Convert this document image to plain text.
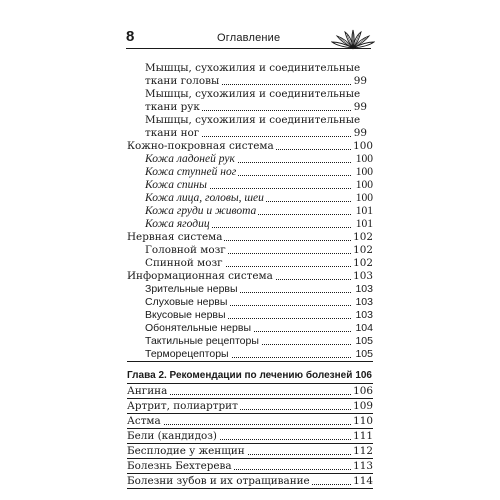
8	Оглавление
Мышцы, сухожилия и соединительные
ткани головы	99
Мышцы, сухожилия и соединительные
ткани рук	99
Мышцы, сухожилия и соединительные
ткани ног	99
Кожно-покровная система	100
Кожа ладоней рук	100
Кожа ступней ног	100
Кожа спины	100
Кожа лица, головы, шеи	100
Кожа груди и живота	101
Кожа ягодиц	101
Нервная система	102
Головной мозг	102
Спинной мозг	102
Информационная система	103
Зрительные нервы	103
Слуховые нервы	103
Вкусовые нервы	103
Обонятельные нервы	104
Тактильные рецепторы	105
Терморецепторы	105
Глава 2. Рекомендации по лечению болезней 106
Ангина	106
Артрит, полиартрит	109
Астма	110
Бели (кандидоз)	111
Бесплодие у женщин	112
Болезнь Бехтерева	113
Болезни зубов и их отращивание	114
